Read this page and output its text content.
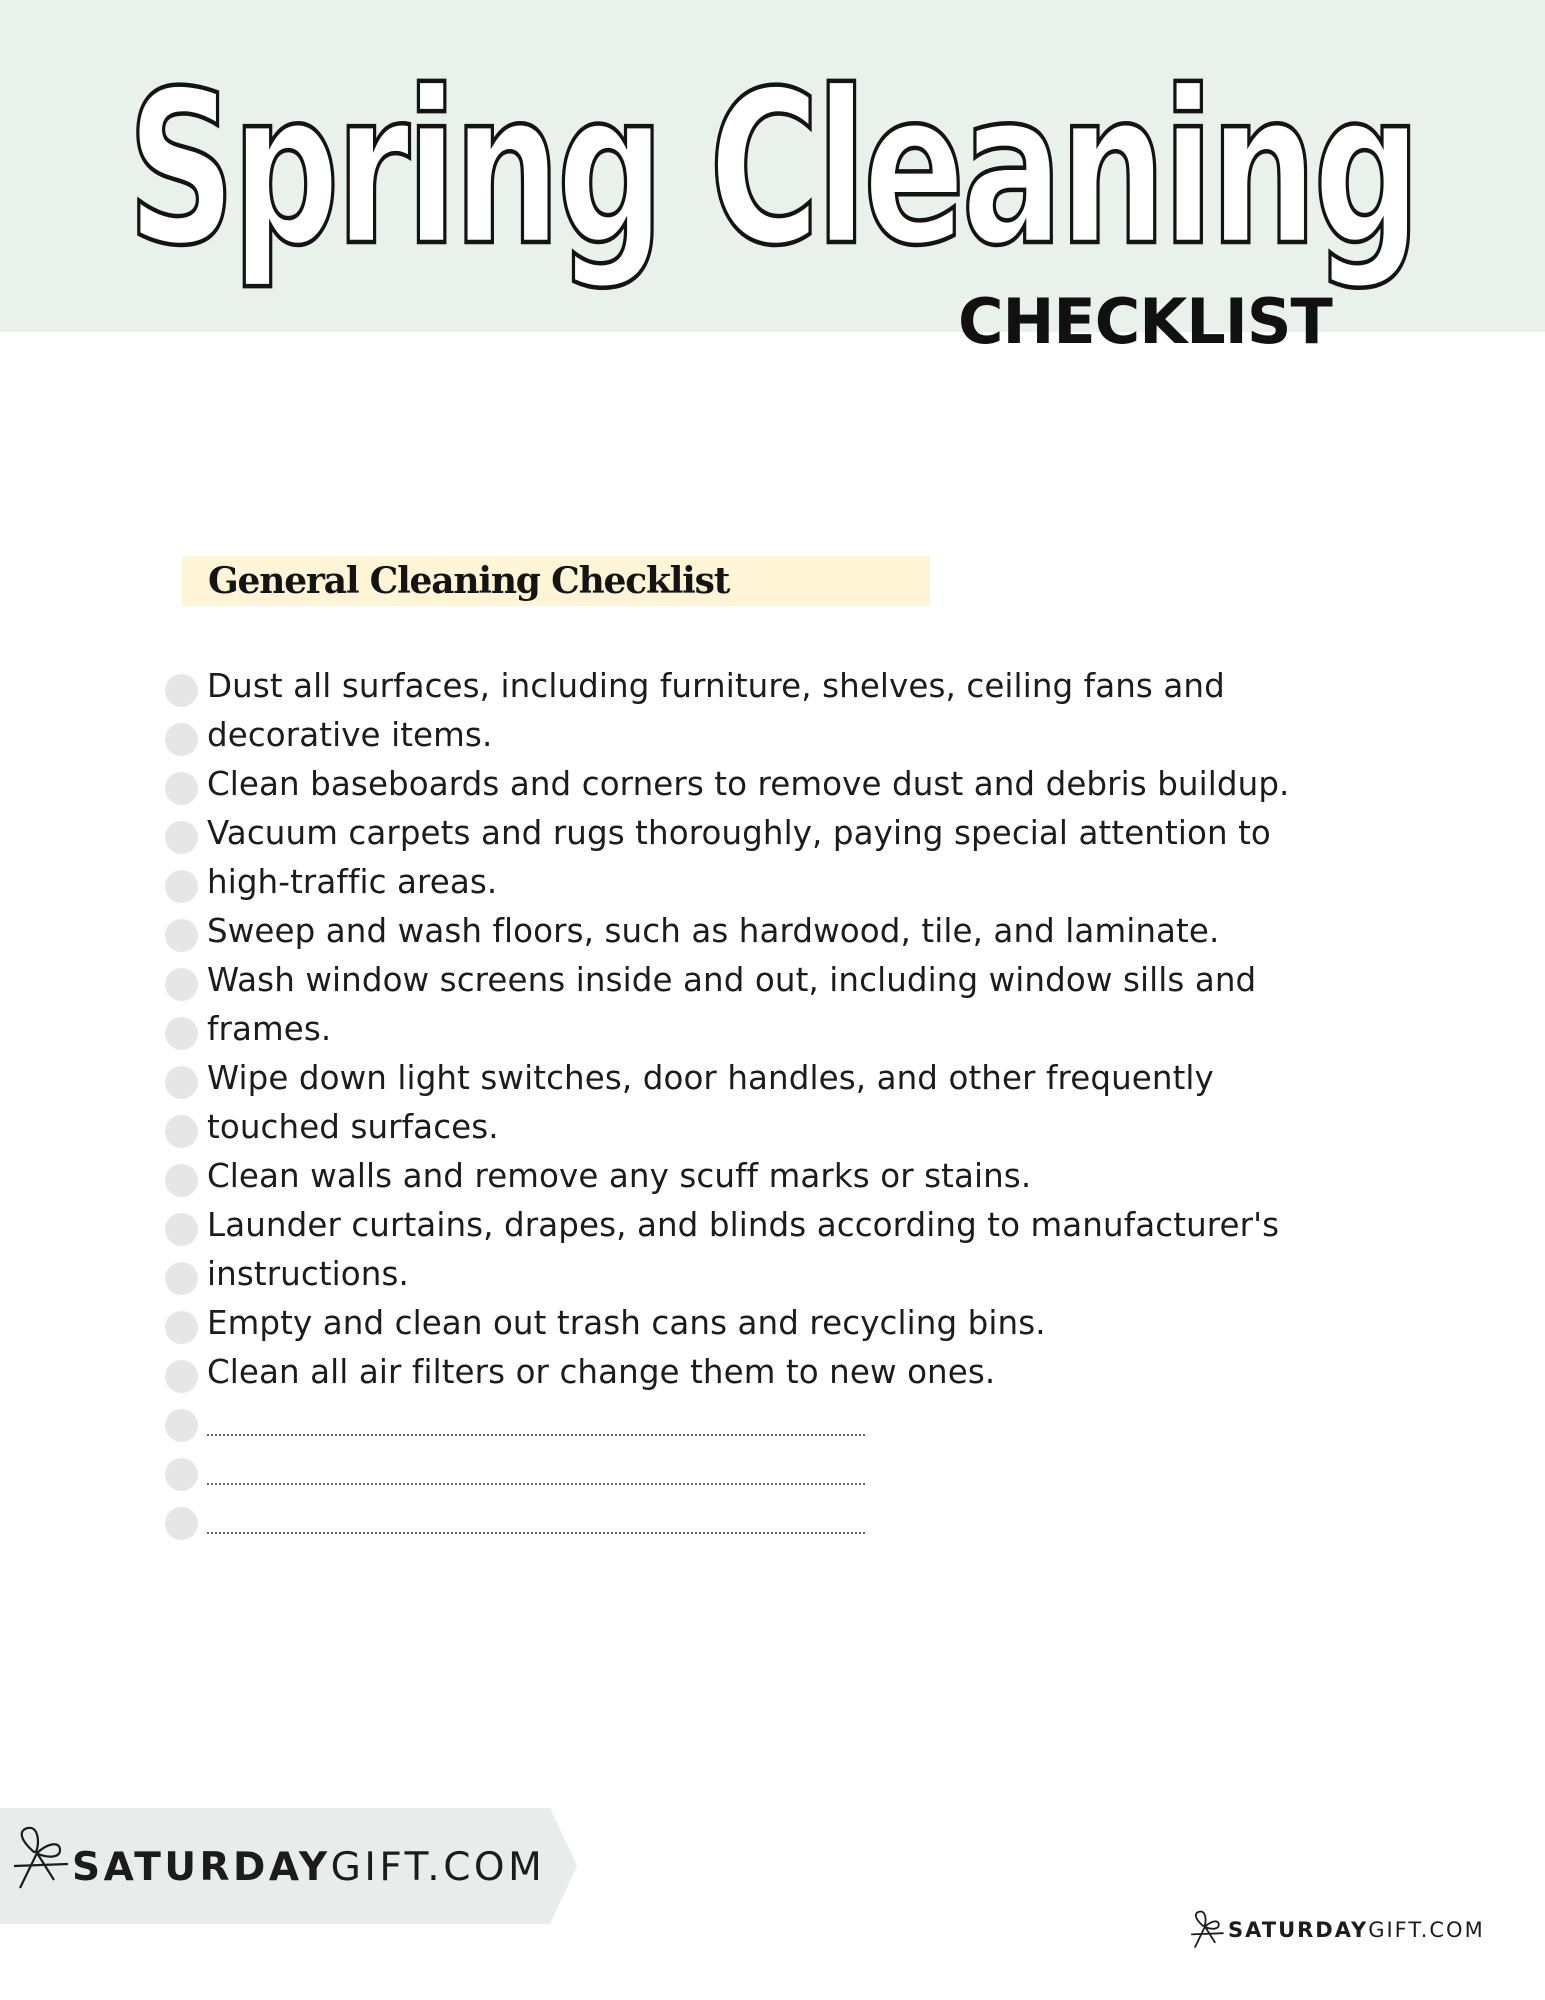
Spring Cleaning
CHECKLIST
General Cleaning Checklist
Dust all surfaces, including furniture, shelves, ceiling fans and
decorative items.
Clean baseboards and corners to remove dust and debris buildup.
Vacuum carpets and rugs thoroughly, paying special attention to
high-traffic areas.
Sweep and wash floors, such as hardwood, tile, and laminate.
Wash window screens inside and out, including window sills and
frames.
Wipe down light switches, door handles, and other frequently
touched surfaces.
Clean walls and remove any scuff marks or stains.
Launder curtains, drapes, and blinds according to manufacturer's
instructions.
Empty and clean out trash cans and recycling bins.
Clean all air filters or change them to new ones.
SATURDAYGIFT.COM
SATURDAYGIFT.COM
